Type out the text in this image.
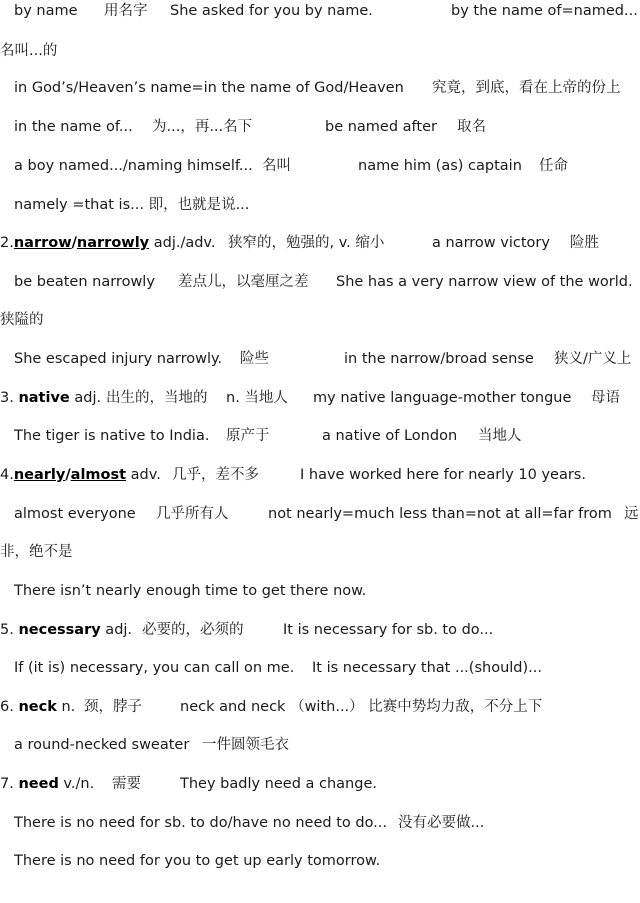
by name 用名字 She asked for you by name.	by the name of=named...
名叫...的
in God’s/Heaven’s name=in the name of God/Heaven 究竟，到底，看在上帝的份上
in the name of... 为...，再...名下	be named after 取名
a boy named.../naming himself... 名叫	name him (as) captain 任命
namely =that is... 即，也就是说...
2.narrow/narrowly adj./adv. 狭窄的，勉强的, v. 缩小	a narrow victory 险胜
be beaten narrowly 差点儿，以毫厘之差 She has a very narrow view of the world.
狭隘的
She escaped injury narrowly. 险些	in the narrow/broad sense 狭义/广义上
3. native adj. 出生的，当地的 n. 当地人 my native language-mother tongue 母语
The tiger is native to India. 原产于	a native of London 当地人
4.nearly/almost adv. 几乎，差不多	I have worked here for nearly 10 years.
almost everyone 几乎所有人	not nearly=much less than=not at all=far from 远
非，绝不是
There isn’t nearly enough time to get there now.
5. necessary adj. 必要的，必须的	It is necessary for sb. to do...
If (it is) necessary, you can call on me. It is necessary that ...(should)...
6. neck n. 颈，脖子	neck and neck （with...） 比赛中势均力敌，不分上下
a round-necked sweater 一件圆领毛衣
7. need v./n. 需要	They badly need a change.
There is no need for sb. to do/have no need to do... 没有必要做...
There is no need for you to get up early tomorrow.
